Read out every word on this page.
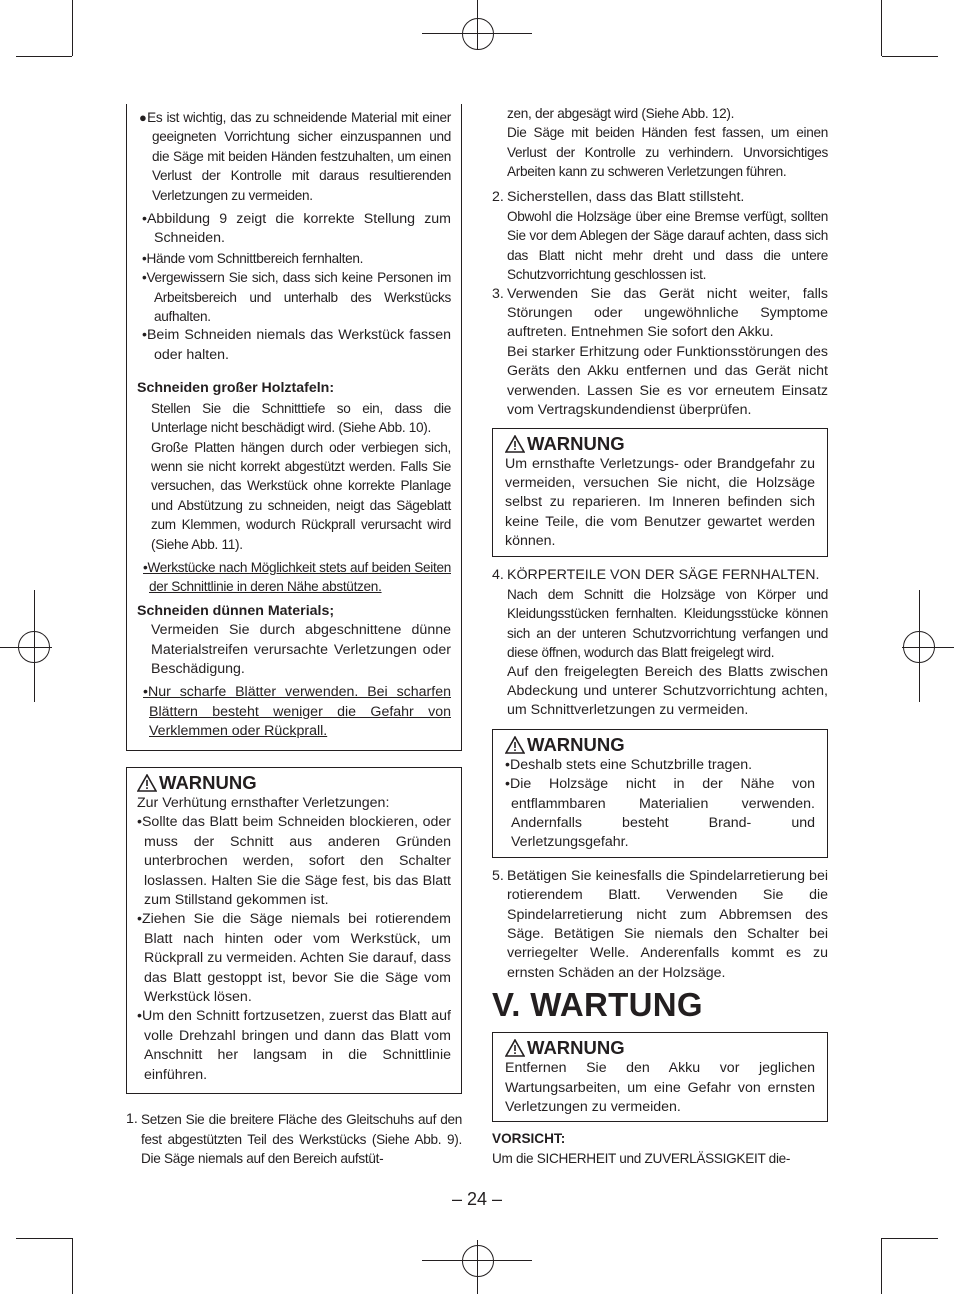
●Es ist wichtig, das zu schneidende Material mit einer geeigneten Vorrichtung sicher einzuspannen und die Säge mit beiden Händen festzuhalten, um einen Verlust der Kontrolle mit daraus resultierenden Verletzungen zu vermeiden.

•Abbildung 9 zeigt die korrekte Stellung zum Schneiden.

•Hände vom Schnittbereich fernhalten.

•Vergewissern Sie sich, dass sich keine Personen im Arbeitsbereich und unterhalb des Werkstücks aufhalten.

•Beim Schneiden niemals das Werkstück fassen oder halten.

Schneiden großer Holztafeln:

Stellen Sie die Schnitttiefe so ein, dass die Unterlage nicht beschädigt wird. (Siehe Abb. 10).

Große Platten hängen durch oder verbiegen sich, wenn sie nicht korrekt abgestützt werden. Falls Sie versuchen, das Werkstück ohne korrekte Planlage und Abstützung zu schneiden, neigt das Sägeblatt zum Klemmen, wodurch Rückprall verursacht wird (Siehe Abb. 11).

•Werkstücke nach Möglichkeit stets auf beiden Seiten der Schnittlinie in deren Nähe abstützen.

Schneiden dünnen Materials;

Vermeiden Sie durch abgeschnittene dünne Materialstreifen verursachte Verletzungen oder Beschädigung.

•Nur scharfe Blätter verwenden. Bei scharfen Blättern besteht weniger die Gefahr von Verklemmen oder Rückprall.

WARNUNG

Zur Verhütung ernsthafter Verletzungen:

•Sollte das Blatt beim Schneiden blockieren, oder muss der Schnitt aus anderen Gründen unterbrochen werden, sofort den Schalter loslassen. Halten Sie die Säge fest, bis das Blatt zum Stillstand gekommen ist.

•Ziehen Sie die Säge niemals bei rotierendem Blatt nach hinten oder vom Werkstück, um Rückprall zu vermeiden. Achten Sie darauf, dass das Blatt gestoppt ist, bevor Sie die Säge vom Werkstück lösen.

•Um den Schnitt fortzusetzen, zuerst das Blatt auf volle Drehzahl bringen und dann das Blatt vom Anschnitt her langsam in die Schnittlinie einführen.

1. Setzen Sie die breitere Fläche des Gleitschuhs auf den fest abgestützten Teil des Werkstücks (Siehe Abb. 9). Die Säge niemals auf den Bereich aufstüt-

zen, der abgesägt wird (Siehe Abb. 12).

Die Säge mit beiden Händen fest fassen, um einen Verlust der Kontrolle zu verhindern. Unvorsichtiges Arbeiten kann zu schweren Verletzungen führen.

2. Sicherstellen, dass das Blatt stillsteht.

Obwohl die Holzsäge über eine Bremse verfügt, sollten Sie vor dem Ablegen der Säge darauf achten, dass sich das Blatt nicht mehr dreht und dass die untere Schutzvorrichtung geschlossen ist.

3. Verwenden Sie das Gerät nicht weiter, falls Störungen oder ungewöhnliche Symptome auftreten. Entnehmen Sie sofort den Akku.

Bei starker Erhitzung oder Funktionsstörungen des Geräts den Akku entfernen und das Gerät nicht verwenden. Lassen Sie es vor erneutem Einsatz vom Vertragskundendienst überprüfen.

WARNUNG

Um ernsthafte Verletzungs- oder Brandgefahr zu vermeiden, versuchen Sie nicht, die Holzsäge selbst zu reparieren. Im Inneren befinden sich keine Teile, die vom Benutzer gewartet werden können.

4. KÖRPERTEILE VON DER SÄGE FERNHALTEN.

Nach dem Schnitt die Holzsäge von Körper und Kleidungsstücken fernhalten. Kleidungsstücke können sich an der unteren Schutzvorrichtung verfangen und diese öffnen, wodurch das Blatt freigelegt wird.

Auf den freigelegten Bereich des Blatts zwischen Abdeckung und unterer Schutzvorrichtung achten, um Schnittverletzungen zu vermeiden.

WARNUNG

•Deshalb stets eine Schutzbrille tragen.

•Die Holzsäge nicht in der Nähe von entflammbaren Materialien verwenden. Andernfalls besteht Brand- und Verletzungsgefahr.

5. Betätigen Sie keinesfalls die Spindelarretierung bei rotierendem Blatt. Verwenden Sie die Spindelarretierung nicht zum Abbremsen des Säge. Betätigen Sie niemals den Schalter bei verriegelter Welle. Anderenfalls kommt es zu ernsten Schäden an der Holzsäge.

V. WARTUNG

WARNUNG

Entfernen Sie den Akku vor jeglichen Wartungsarbeiten, um eine Gefahr von ernsten Verletzungen zu vermeiden.

VORSICHT:

Um die SICHERHEIT und ZUVERLÄSSIGKEIT die-

– 24 –
